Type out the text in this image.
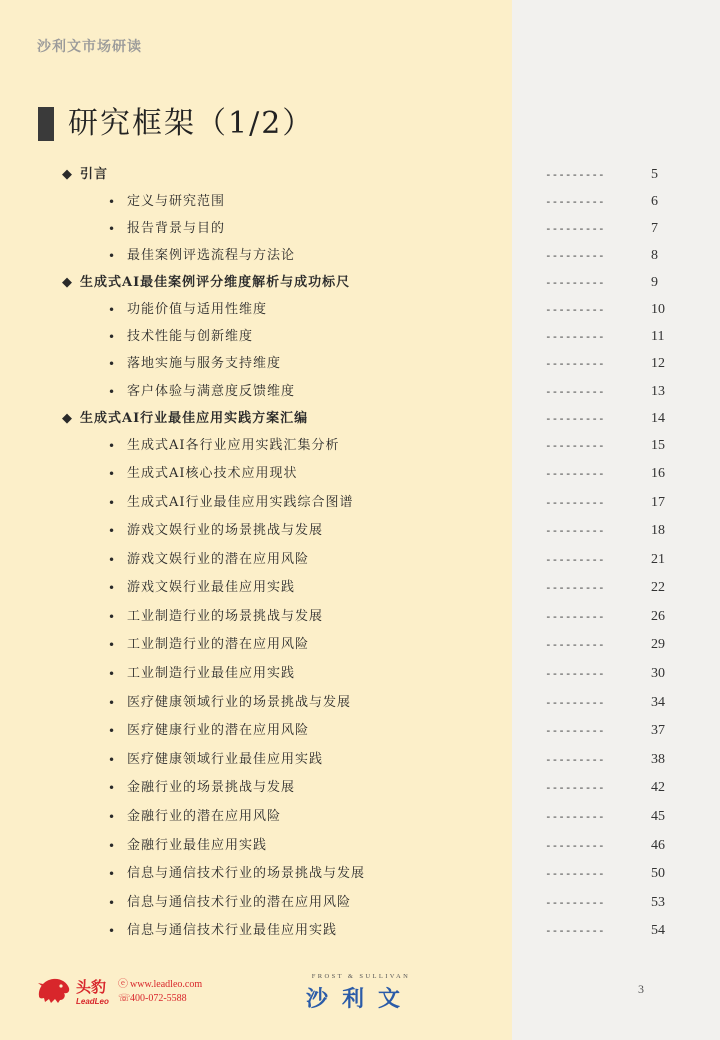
沙利文市场研读
研究框架（1/2）
◆ 引言	---------	5
• 定义与研究范围	---------	6
• 报告背景与目的	---------	7
• 最佳案例评选流程与方法论	---------	8
◆ 生成式AI最佳案例评分维度解析与成功标尺	---------	9
• 功能价值与适用性维度	---------	10
• 技术性能与创新维度	---------	11
• 落地实施与服务支持维度	---------	12
• 客户体验与满意度反馈维度	---------	13
◆ 生成式AI行业最佳应用实践方案汇编	---------	14
• 生成式AI各行业应用实践汇集分析	---------	15
• 生成式AI核心技术应用现状	---------	16
• 生成式AI行业最佳应用实践综合图谱	---------	17
• 游戏文娱行业的场景挑战与发展	---------	18
• 游戏文娱行业的潜在应用风险	---------	21
• 游戏文娱行业最佳应用实践	---------	22
• 工业制造行业的场景挑战与发展	---------	26
• 工业制造行业的潜在应用风险	---------	29
• 工业制造行业最佳应用实践	---------	30
• 医疗健康领域行业的场景挑战与发展	---------	34
• 医疗健康行业的潜在应用风险	---------	37
• 医疗健康领域行业最佳应用实践	---------	38
• 金融行业的场景挑战与发展	---------	42
• 金融行业的潜在应用风险	---------	45
• 金融行业最佳应用实践	---------	46
• 信息与通信技术行业的场景挑战与发展	---------	50
• 信息与通信技术行业的潜在应用风险	---------	53
• 信息与通信技术行业最佳应用实践	---------	54
头豹
LeadLeo
ⓔ www.leadleo.com
☏400-072-5588
FROST & SULLIVAN
沙利文	3
